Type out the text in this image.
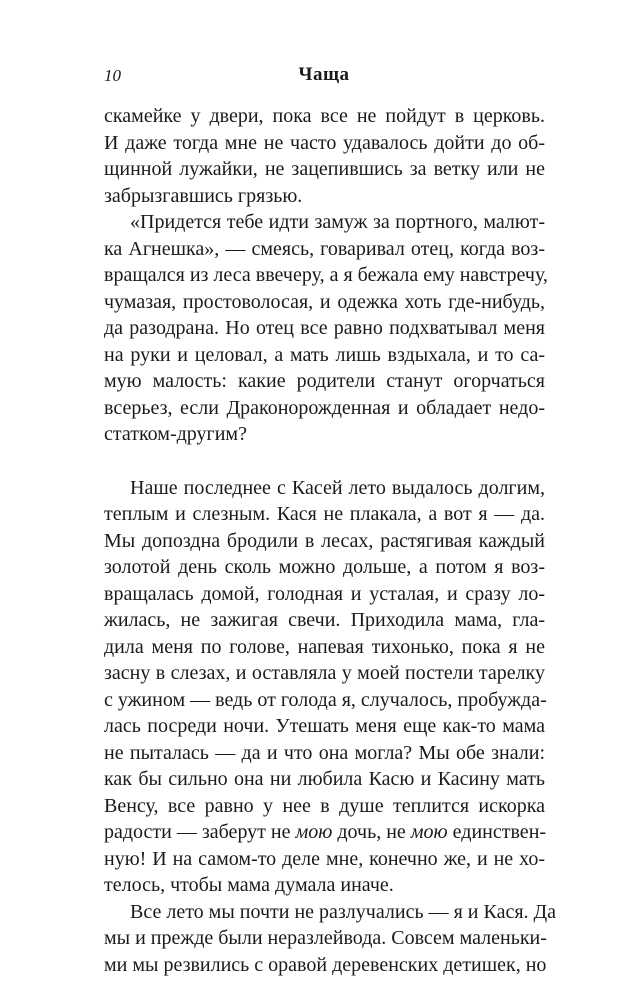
10	Чаща
скамейке у двери, пока все не пойдут в церковь.
И даже тогда мне не часто удавалось дойти до об-
щинной лужайки, не зацепившись за ветку или не
забрызгавшись грязью.
«Придется тебе идти замуж за портного, малют-
ка Агнешка», — смеясь, говаривал отец, когда воз-
вращался из леса ввечеру, а я бежала ему навстречу,
чумазая, простоволосая, и одежка хоть где-нибудь,
да разодрана. Но отец все равно подхватывал меня
на руки и целовал, а мать лишь вздыхала, и то са-
мую малость: какие родители станут огорчаться
всерьез, если Драконорожденная и обладает недо-
статком-другим?
Наше последнее с Касей лето выдалось долгим,
теплым и слезным. Кася не плакала, а вот я — да.
Мы допоздна бродили в лесах, растягивая каждый
золотой день сколь можно дольше, а потом я воз-
вращалась домой, голодная и усталая, и сразу ло-
жилась, не зажигая свечи. Приходила мама, гла-
дила меня по голове, напевая тихонько, пока я не
засну в слезах, и оставляла у моей постели тарелку
с ужином — ведь от голода я, случалось, пробужда-
лась посреди ночи. Утешать меня еще как-то мама
не пыталась — да и что она могла? Мы обе знали:
как бы сильно она ни любила Касю и Касину мать
Венсу, все равно у нее в душе теплится искорка
радости — заберут не мою дочь, не мою единствен-
ную! И на самом-то деле мне, конечно же, и не хо-
телось, чтобы мама думала иначе.
Все лето мы почти не разлучались — я и Кася. Да
мы и прежде были неразлейвода. Совсем маленьки-
ми мы резвились с оравой деревенских детишек, но
